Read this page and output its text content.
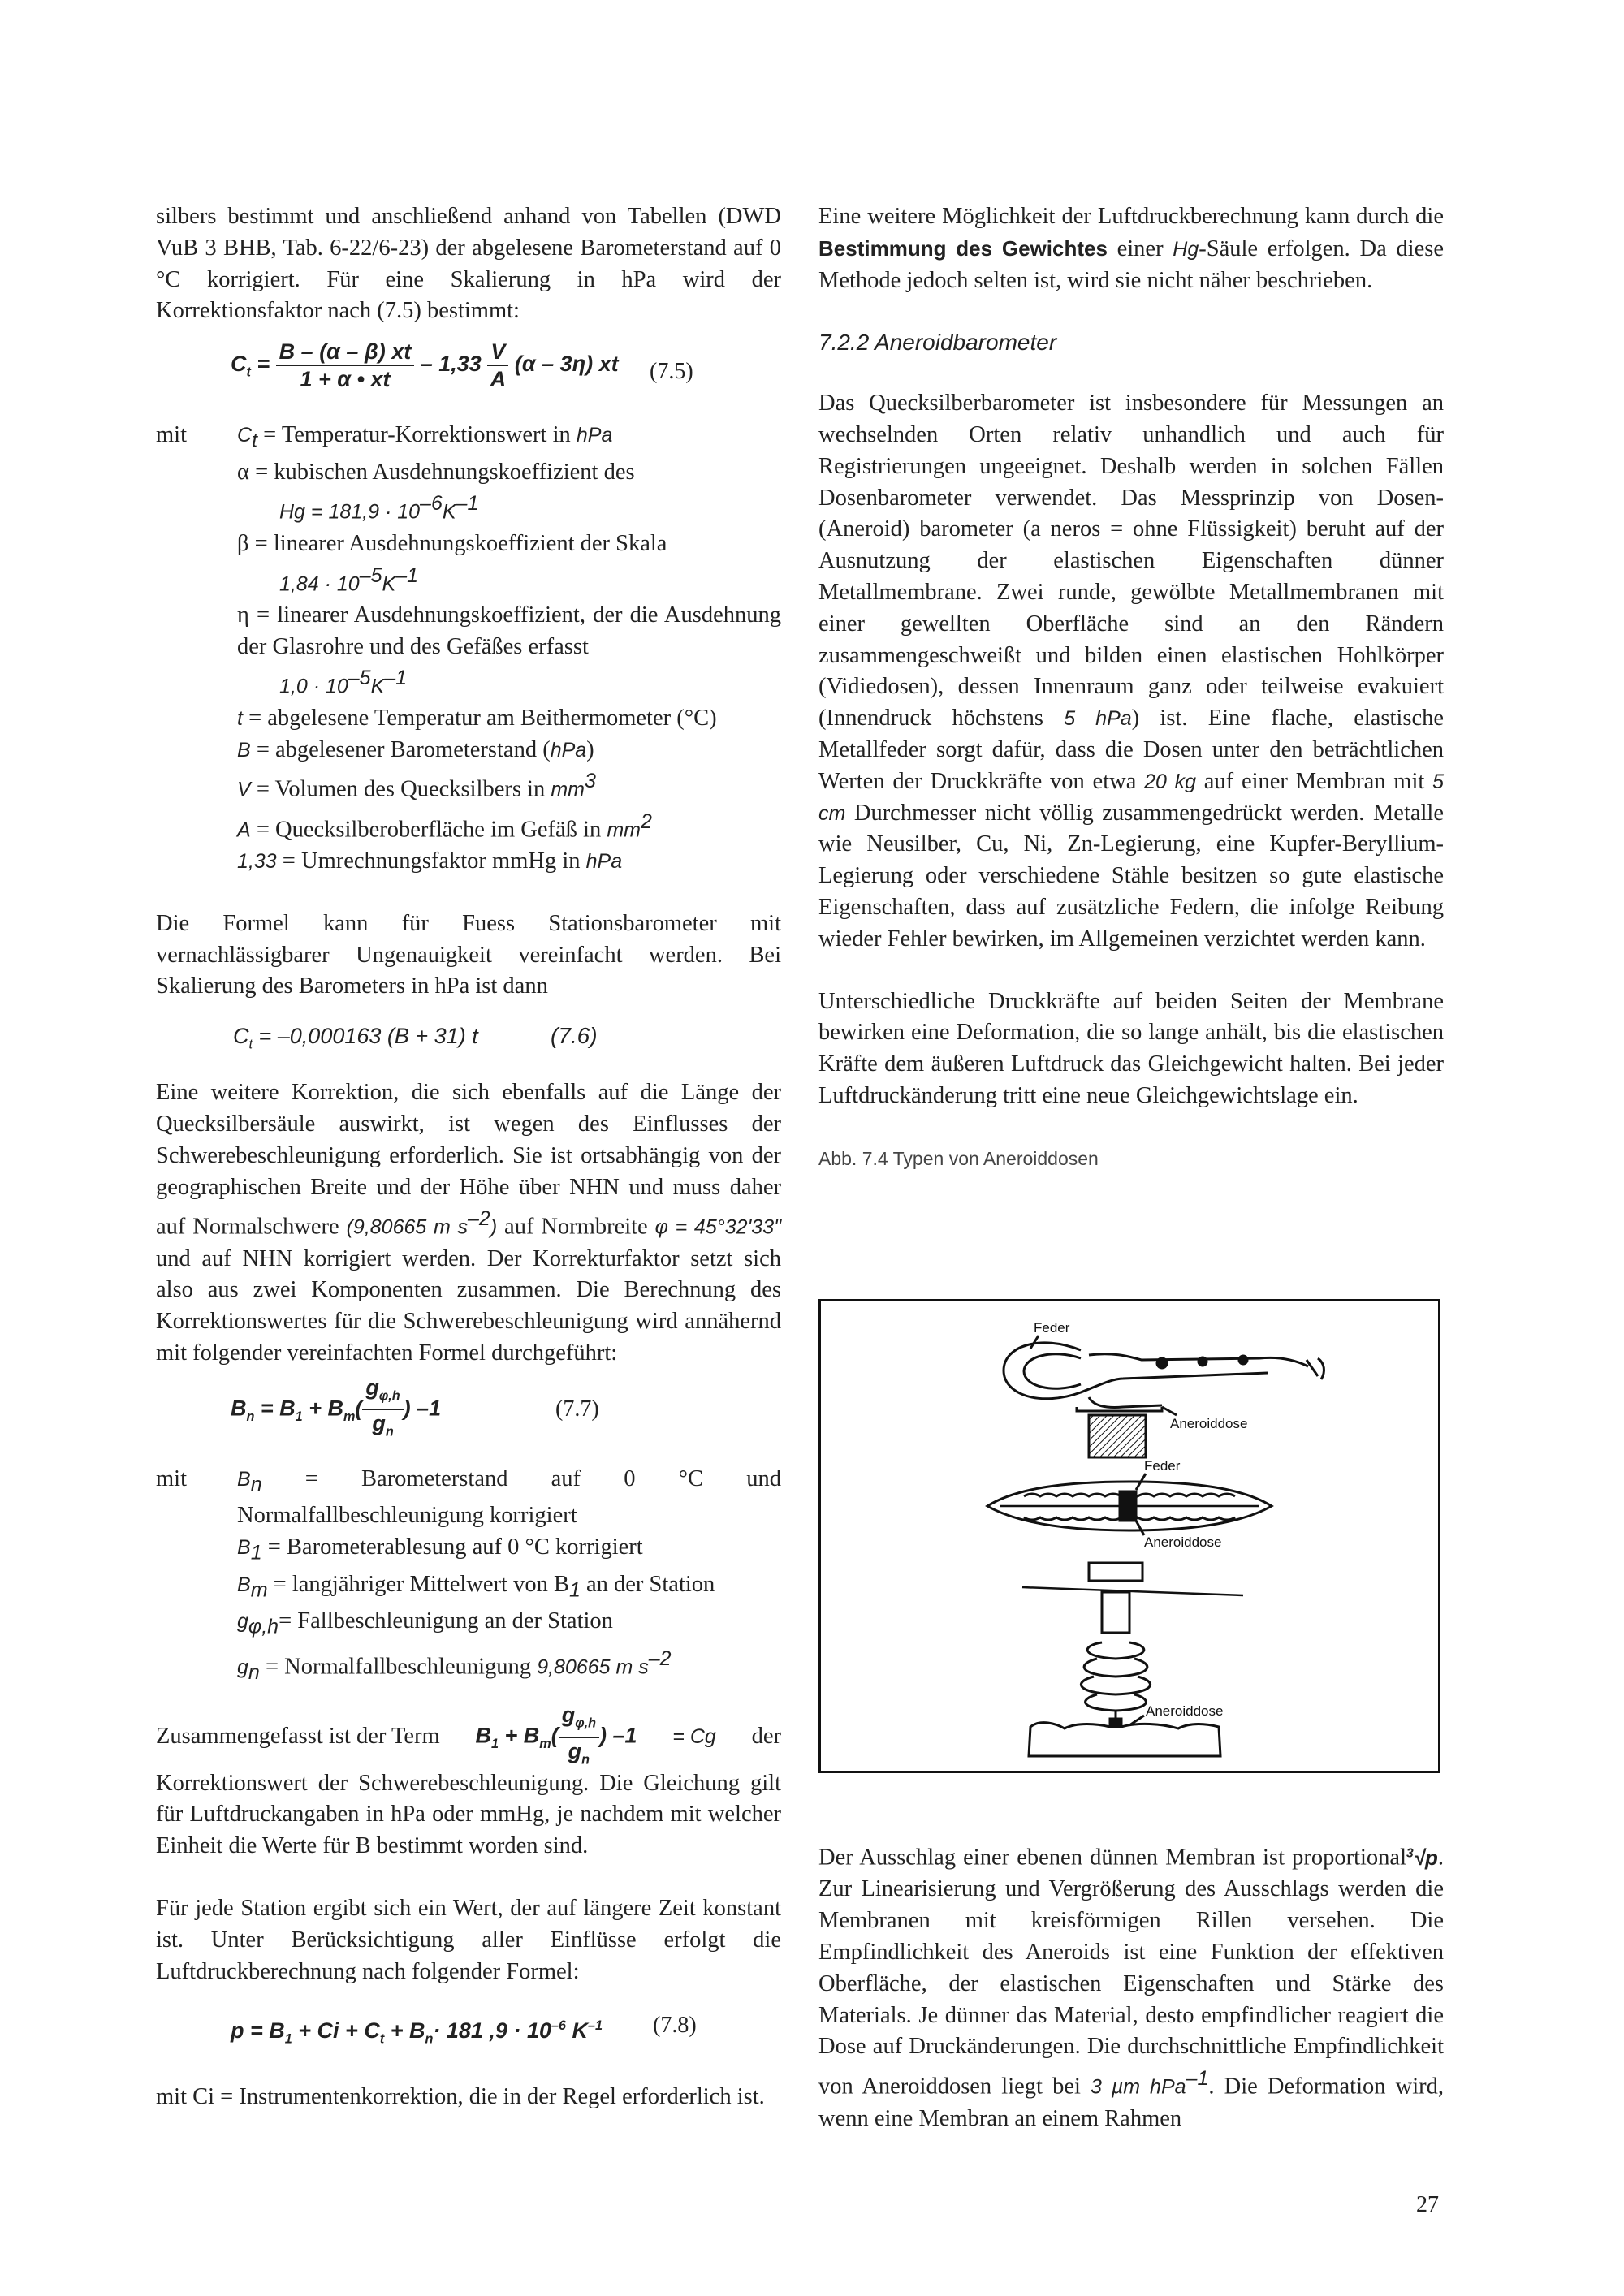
silbers bestimmt und anschließend anhand von Tabellen (DWD VuB 3 BHB, Tab. 6-22/6-23) der abgelesene Barometerstand auf 0 °C korrigiert. Für eine Skalierung in hPa wird der Korrektionsfaktor nach (7.5) bestimmt:

$C_t = \frac{B - (\alpha - \beta) xt}{1 + \alpha • xt} - 1,33 \frac{V}{A} (\alpha - 3\eta)$ xt (7.5)
mit	$C_t$ = Temperatur-Korrektionswert in hPa
α = kubischen Ausdehnungskoeffizient des
$Hg = 181,9 \cdot 10^{-6}K^{-1}$
β = linearer Ausdehnungskoeffizient der Skala
$1,84 \cdot 10^{-5}K^{-1}$
η = linearer Ausdehnungskoeffizient, der die Ausdehnung der Glasrohre und des Gefäßes erfasst
$1,0 \cdot 10^{-5}K^{-1}$
t = abgelesene Temperatur am Beithermometer (°C)
B = abgelesener Barometerstand (hPa)
V = Volumen des Quecksilbers in $mm^3$
A = Quecksilberoberfläche im Gefäß in $mm^2$
1,33 = Umrechnungsfaktor mmHg in hPa

Die Formel kann für Fuess Stationsbarometer mit vernachlässigbarer Ungenauigkeit vereinfacht werden. Bei Skalierung des Barometers in hPa ist dann

$C_t = -0,000163$ (B + 31) t	(7.6)

Eine weitere Korrektion, die sich ebenfalls auf die Länge der Quecksilbersäule auswirkt, ist wegen des Einflusses der Schwerebeschleunigung erforderlich. Sie ist ortsabhängig von der geographischen Breite und der Höhe über NHN und muss daher auf Normalschwere (9,80665 m $s^{-2}$) auf Normbreite φ = 45°32'33" und auf NHN korrigiert werden. Der Korrekturfaktor setzt sich also aus zwei Komponenten zusammen. Die Berechnung des Korrektionswertes für die Schwerebeschleunigung wird annähernd mit folgender vereinfachten Formel durchgeführt:

$B_n = B_1 + B_m( \frac{g_{\varphi,h}}{g_n}$ ) –1	(7.7)
mit	$B_n$ = Barometerstand auf 0 °C und Normalfallbeschleunigung korrigiert
$B_1$ = Barometerablesung auf 0 °C korrigiert
$B_m$ = langjähriger Mittelwert von $B_1$ an der Station
$g_{\varphi,h}=$ Fallbeschleunigung an der Station
$g_n$ = Normalfallbeschleunigung 9,80665 m $s^{-2}$
Zusammengefasst ist der Term $B_1 + B_m( \frac{g_{\varphi,h}}{g_n}$ ) –1 = Cg der

Korrektionswert der Schwerebeschleunigung. Die Gleichung gilt für Luftdruckangaben in hPa oder mmHg, je nachdem mit welcher Einheit die Werte für B bestimmt worden sind.

Für jede Station ergibt sich ein Wert, der auf längere Zeit konstant ist. Unter Berücksichtigung aller Einflüsse erfolgt die Luftdruckberechnung nach folgender Formel:

$p = B_1 + Ci + C_t + B_n\cdot 181$ $,9 \cdot 10^{-6}$ $K^{-1}$ (7.8)

mit Ci = Instrumentenkorrektion, die in der Regel erforderlich ist.

Eine weitere Möglichkeit der Luftdruckberechnung kann durch die Bestimmung des Gewichtes einer Hg-Säule erfolgen. Da diese Methode jedoch selten ist, wird sie nicht näher beschrieben.

7.2.2 Aneroidbarometer

Das Quecksilberbarometer ist insbesondere für Messungen an wechselnden Orten relativ unhandlich und auch für Registrierungen ungeeignet. Deshalb werden in solchen Fällen Dosenbarometer verwendet. Das Messprinzip von Dosen-(Aneroid) barometer (a neros = ohne Flüssigkeit) beruht auf der Ausnutzung der elastischen Eigenschaften dünner Metallmembrane. Zwei runde, gewölbte Metallmembranen mit einer gewellten Oberfläche sind an den Rändern zusammengeschweißt und bilden einen elastischen Hohlkörper (Vidiedosen), dessen Innenraum ganz oder teilweise evakuiert (Innendruck höchstens 5 hPa) ist. Eine flache, elastische Metallfeder sorgt dafür, dass die Dosen unter den beträchtlichen Werten der Druckkräfte von etwa 20 kg auf einer Membran mit 5 cm Durchmesser nicht völlig zusammengedrückt werden. Metalle wie Neusilber, Cu, Ni, Zn-Legierung, eine Kupfer-Beryllium-Legierung oder verschiedene Stähle besitzen so gute elastische Eigenschaften, dass auf zusätzliche Federn, die infolge Reibung wieder Fehler bewirken, im Allgemeinen verzichtet werden kann.

Unterschiedliche Druckkräfte auf beiden Seiten der Membrane bewirken eine Deformation, die so lange anhält, bis die elastischen Kräfte dem äußeren Luftdruck das Gleichgewicht halten. Bei jeder Luftdruckänderung tritt eine neue Gleichgewichtslage ein.

Abb. 7.4 Typen von Aneroiddosen
Feder
Aneroiddose
Feder
Aneroiddose
Aneroiddose

Der Ausschlag einer ebenen dünnen Membran ist proportional$^3$√p. Zur Linearisierung und Vergrößerung des Ausschlags werden die Membranen mit kreisförmigen Rillen versehen. Die Empfindlichkeit des Aneroids ist eine Funktion der effektiven Oberfläche, der elastischen Eigenschaften und Stärke des Materials. Je dünner das Material, desto empfindlicher reagiert die Dose auf Druckänderungen. Die durchschnittliche Empfindlichkeit von Aneroiddosen liegt bei 3 µm hPa$^{-1}$. Die Deformation wird, wenn eine Membran an einem Rahmen

27
